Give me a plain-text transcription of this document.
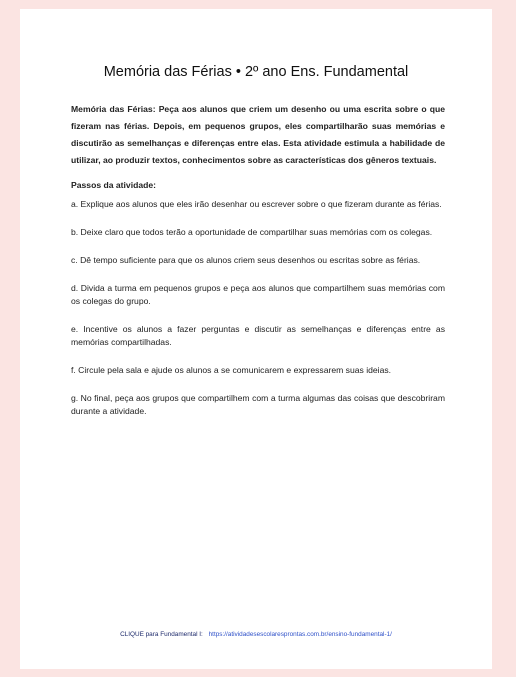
Memória das Férias • 2º ano Ens. Fundamental

Memória das Férias: Peça aos alunos que criem um desenho ou uma escrita sobre o que fizeram nas férias. Depois, em pequenos grupos, eles compartilharão suas memórias e discutirão as semelhanças e diferenças entre elas. Esta atividade estimula a habilidade de utilizar, ao produzir textos, conhecimentos sobre as características dos gêneros textuais.

Passos da atividade:

a. Explique aos alunos que eles irão desenhar ou escrever sobre o que fizeram durante as férias.

b. Deixe claro que todos terão a oportunidade de compartilhar suas memórias com os colegas.

c. Dê tempo suficiente para que os alunos criem seus desenhos ou escritas sobre as férias.

d. Divida a turma em pequenos grupos e peça aos alunos que compartilhem suas memórias com os colegas do grupo.

e. Incentive os alunos a fazer perguntas e discutir as semelhanças e diferenças entre as memórias compartilhadas.

f. Circule pela sala e ajude os alunos a se comunicarem e expressarem suas ideias.

g. No final, peça aos grupos que compartilhem com a turma algumas das coisas que descobriram durante a atividade.

CLIQUE para Fundamental I: https://atividadesescolaresprontas.com.br/ensino-fundamental-1/
